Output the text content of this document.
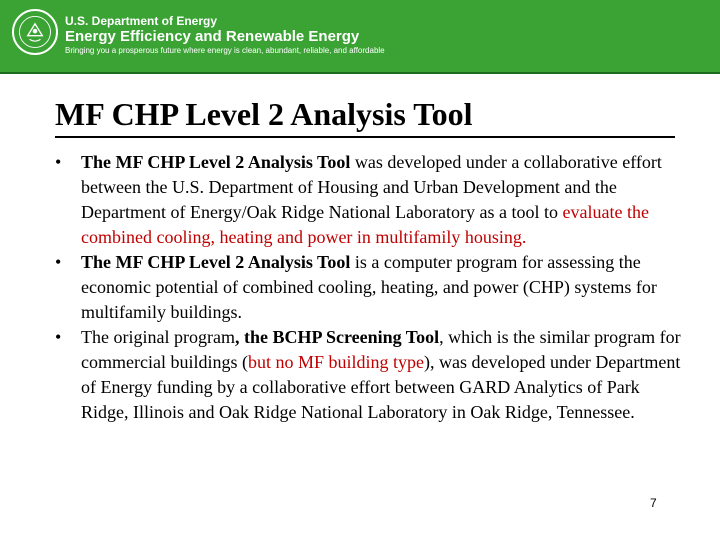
U.S. Department of Energy
Energy Efficiency and Renewable Energy
Bringing you a prosperous future where energy is clean, abundant, reliable, and affordable
MF CHP Level 2 Analysis Tool
• The MF CHP Level 2 Analysis Tool was developed under a collaborative effort between the U.S. Department of Housing and Urban Development and the Department of Energy/Oak Ridge National Laboratory as a tool to evaluate the combined cooling, heating and power in multifamily housing.
• The MF CHP Level 2 Analysis Tool is a computer program for assessing the economic potential of combined cooling, heating, and power (CHP) systems for multifamily buildings.
• The original program, the BCHP Screening Tool, which is the similar program for commercial buildings (but no MF building type), was developed under Department of Energy funding by a collaborative effort between GARD Analytics of Park Ridge, Illinois and Oak Ridge National Laboratory in Oak Ridge, Tennessee.
7
